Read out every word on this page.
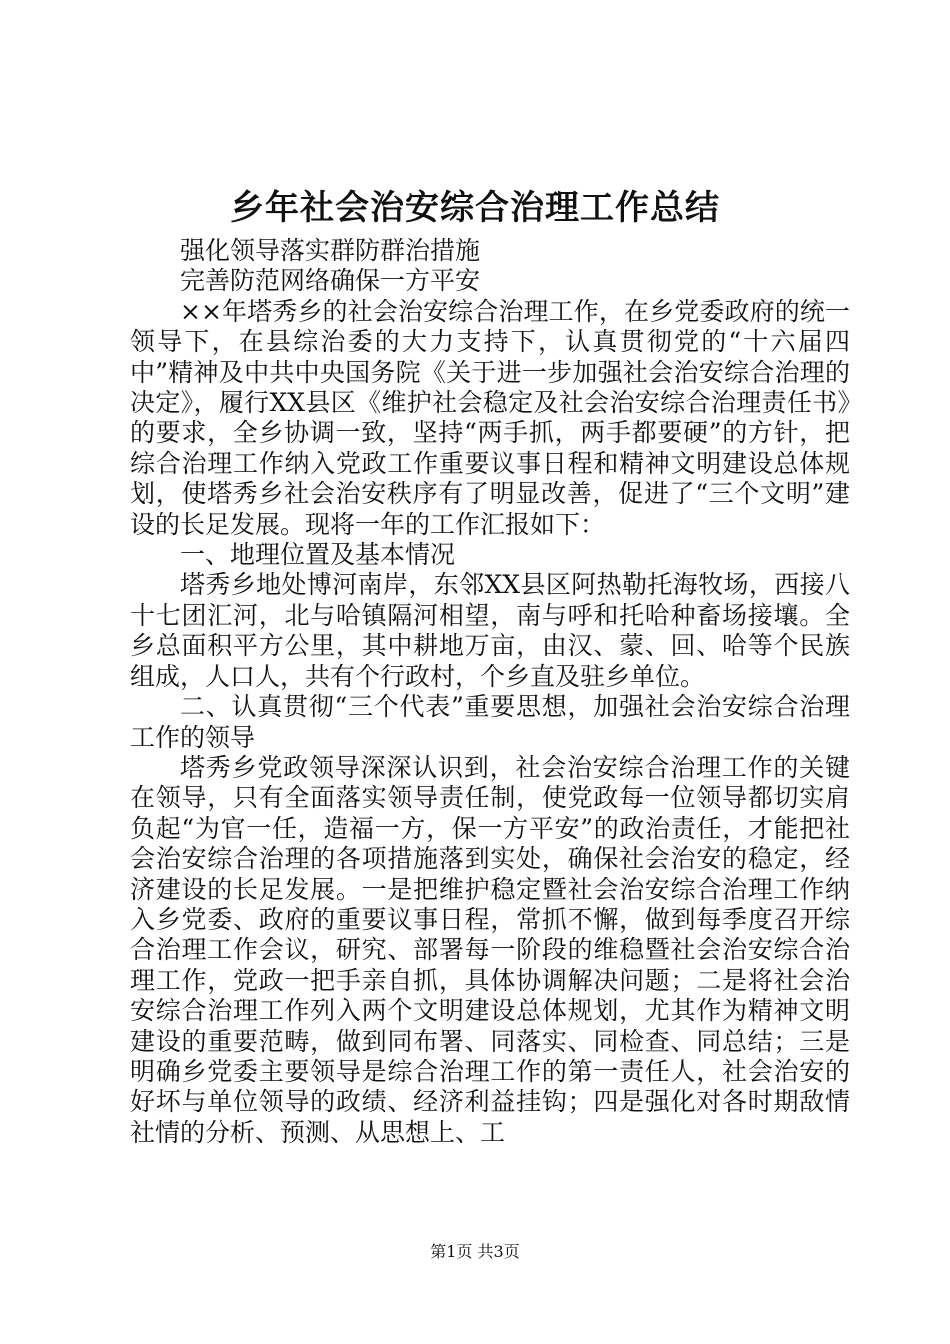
乡年社会治安综合治理工作总结

强化领导落实群防群治措施

完善防范网络确保一方平安

××年塔秀乡的社会治安综合治理工作，在乡党委政府的统一领导下，在县综治委的大力支持下，认真贯彻党的“十六届四中”精神及中共中央国务院《关于进一步加强社会治安综合治理的决定》，履行XX县区《维护社会稳定及社会治安综合治理责任书》的要求，全乡协调一致，坚持“两手抓，两手都要硬”的方针，把综合治理工作纳入党政工作重要议事日程和精神文明建设总体规划，使塔秀乡社会治安秩序有了明显改善，促进了“三个文明”建设的长足发展。现将一年的工作汇报如下：

一、地理位置及基本情况

塔秀乡地处博河南岸，东邻XX县区阿热勒托海牧场，西接八十七团汇河，北与哈镇隔河相望，南与呼和托哈种畜场接壤。全乡总面积平方公里，其中耕地万亩，由汉、蒙、回、哈等个民族组成，人口人，共有个行政村，个乡直及驻乡单位。

二、认真贯彻“三个代表”重要思想，加强社会治安综合治理工作的领导

塔秀乡党政领导深深认识到，社会治安综合治理工作的关键在领导，只有全面落实领导责任制，使党政每一位领导都切实肩负起“为官一任，造福一方，保一方平安”的政治责任，才能把社会治安综合治理的各项措施落到实处，确保社会治安的稳定，经济建设的长足发展。一是把维护稳定暨社会治安综合治理工作纳入乡党委、政府的重要议事日程，常抓不懈，做到每季度召开综合治理工作会议，研究、部署每一阶段的维稳暨社会治安综合治理工作，党政一把手亲自抓，具体协调解决问题；二是将社会治安综合治理工作列入两个文明建设总体规划，尤其作为精神文明建设的重要范畴，做到同布署、同落实、同检查、同总结；三是明确乡党委主要领导是综合治理工作的第一责任人，社会治安的好坏与单位领导的政绩、经济利益挂钩；四是强化对各时期敌情社情的分析、预测、从思想上、工

第1页 共3页
